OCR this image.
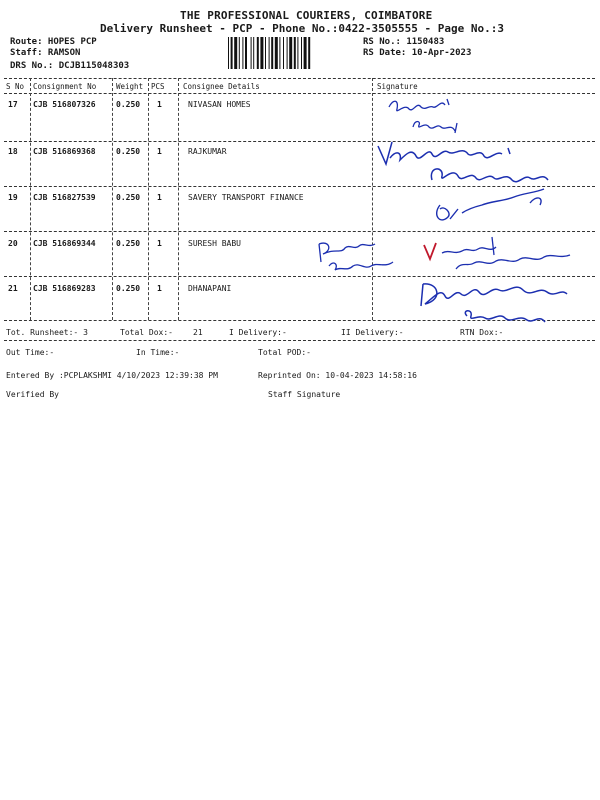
THE PROFESSIONAL COURIERS, COIMBATORE
Delivery Runsheet - PCP - Phone No.:0422-3505555 - Page No.:3
Route: HOPES PCP
Staff: RAMSON
DRS No.: DCJB115048303
RS No.: 1150483
RS Date: 10-Apr-2023
S No Consignment No	Weight PCS Consignee Details	Signature
17 CJB 516807326	0.250 1	NIVASAN HOMES
18 CJB 516869368	0.250 1	RAJKUMAR
19 CJB 516827539	0.250 1	SAVERY TRANSPORT FINANCE
20 CJB 516869344	0.250 1	SURESH BABU
21 CJB 516869283	0.250 1	DHANAPANI
Tot. Runsheet:- 3	Total Dox:-	21	I Delivery:-	II Delivery:-	RTN Dox:-
Out Time:-	In Time:-	Total POD:-
Entered By :PCPLAKSHMI 4/10/2023 12:39:38 PM	Reprinted On: 10-04-2023 14:58:16
Verified By	Staff Signature
